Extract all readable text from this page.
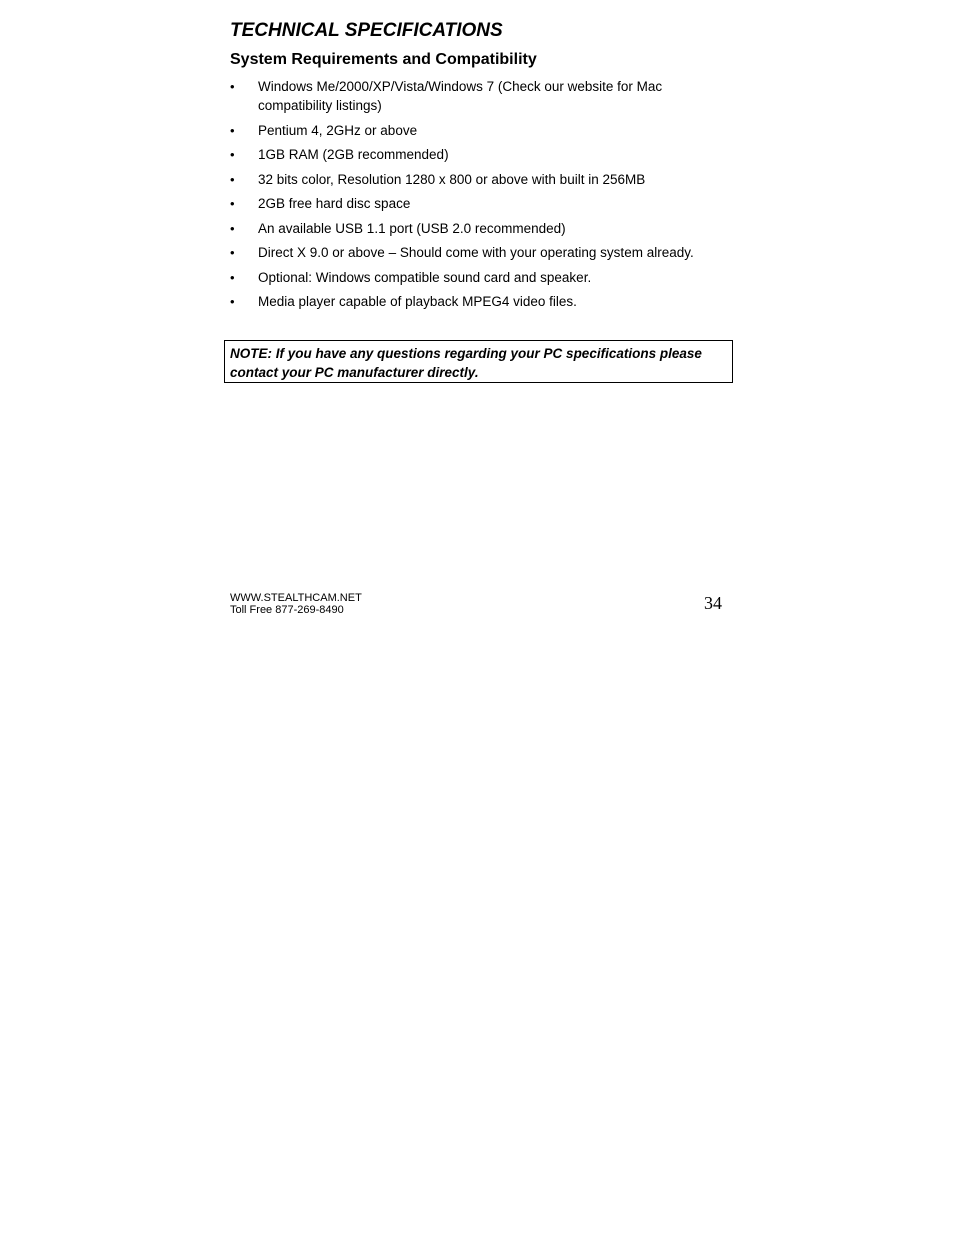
TECHNICAL SPECIFICATIONS
System Requirements and Compatibility
• Windows Me/2000/XP/Vista/Windows 7 (Check our website for Mac compatibility listings)
• Pentium 4, 2GHz or above
• 1GB RAM (2GB recommended)
• 32 bits color, Resolution 1280 x 800 or above with built in 256MB
• 2GB free hard disc space
• An available USB 1.1 port (USB 2.0 recommended)
• Direct X 9.0 or above – Should come with your operating system already.
• Optional: Windows compatible sound card and speaker.
• Media player capable of playback MPEG4 video files.
NOTE: If you have any questions regarding your PC specifications please contact your PC manufacturer directly.
WWW.STEALTHCAM.NET
Toll Free 877-269-8490	34
